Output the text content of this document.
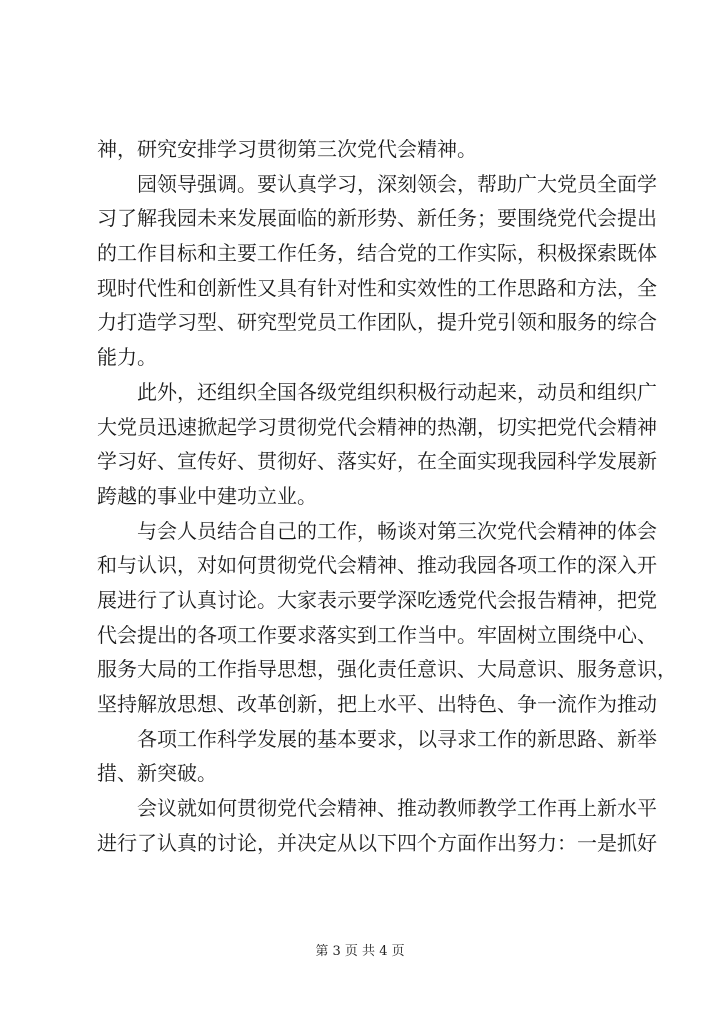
神，研究安排学习贯彻第三次党代会精神。
园领导强调。要认真学习，深刻领会，帮助广大党员全面学
习了解我园未来发展面临的新形势、新任务；要围绕党代会提出
的工作目标和主要工作任务，结合党的工作实际，积极探索既体
现时代性和创新性又具有针对性和实效性的工作思路和方法，全
力打造学习型、研究型党员工作团队，提升党引领和服务的综合
能力。
此外，还组织全国各级党组织积极行动起来，动员和组织广
大党员迅速掀起学习贯彻党代会精神的热潮，切实把党代会精神
学习好、宣传好、贯彻好、落实好，在全面实现我园科学发展新
跨越的事业中建功立业。
与会人员结合自己的工作，畅谈对第三次党代会精神的体会
和与认识，对如何贯彻党代会精神、推动我园各项工作的深入开
展进行了认真讨论。大家表示要学深吃透党代会报告精神，把党
代会提出的各项工作要求落实到工作当中。牢固树立围绕中心、
服务大局的工作指导思想，强化责任意识、大局意识、服务意识，
坚持解放思想、改革创新，把上水平、出特色、争一流作为推动
各项工作科学发展的基本要求，以寻求工作的新思路、新举
措、新突破。
会议就如何贯彻党代会精神、推动教师教学工作再上新水平
进行了认真的讨论，并决定从以下四个方面作出努力：一是抓好
第 3 页 共 4 页
